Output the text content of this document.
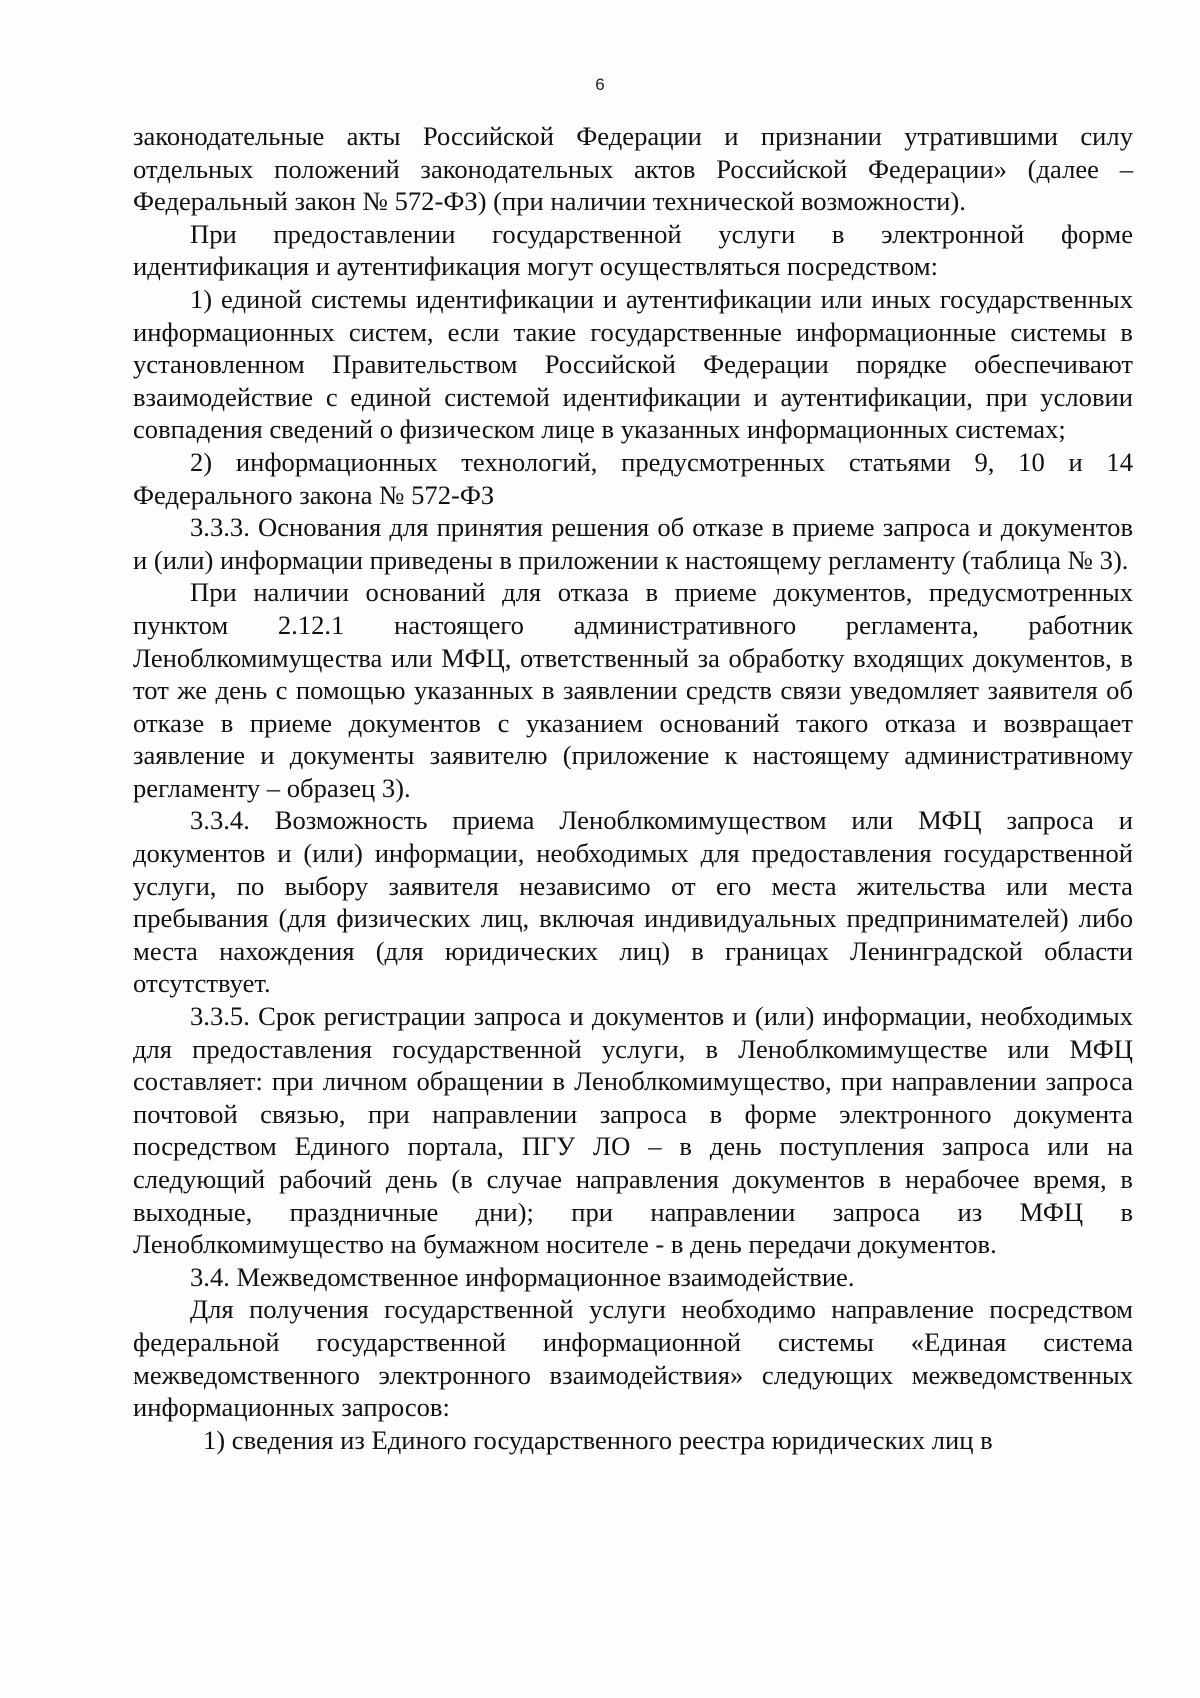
6

законодательные акты Российской Федерации и признании утратившими силу отдельных положений законодательных актов Российской Федерации» (далее – Федеральный закон № 572-ФЗ) (при наличии технической возможности).

При предоставлении государственной услуги в электронной форме идентификация и аутентификация могут осуществляться посредством:

1) единой системы идентификации и аутентификации или иных государственных информационных систем, если такие государственные информационные системы в установленном Правительством Российской Федерации порядке обеспечивают взаимодействие с единой системой идентификации и аутентификации, при условии совпадения сведений о физическом лице в указанных информационных системах;

2) информационных технологий, предусмотренных статьями 9, 10 и 14 Федерального закона № 572-ФЗ

3.3.3. Основания для принятия решения об отказе в приеме запроса и документов и (или) информации приведены в приложении к настоящему регламенту (таблица № 3).

При наличии оснований для отказа в приеме документов, предусмотренных пунктом 2.12.1 настоящего административного регламента, работник Леноблкомимущества или МФЦ, ответственный за обработку входящих документов, в тот же день с помощью указанных в заявлении средств связи уведомляет заявителя об отказе в приеме документов с указанием оснований такого отказа и возвращает заявление и документы заявителю (приложение к настоящему административному регламенту – образец 3).

3.3.4. Возможность приема Леноблкомимуществом или МФЦ запроса и документов и (или) информации, необходимых для предоставления государственной услуги, по выбору заявителя независимо от его места жительства или места пребывания (для физических лиц, включая индивидуальных предпринимателей) либо места нахождения (для юридических лиц) в границах Ленинградской области отсутствует.

3.3.5. Срок регистрации запроса и документов и (или) информации, необходимых для предоставления государственной услуги, в Леноблкомимуществе или МФЦ составляет: при личном обращении в Леноблкомимущество, при направлении запроса почтовой связью, при направлении запроса в форме электронного документа посредством Единого портала, ПГУ ЛО – в день поступления запроса или на следующий рабочий день (в случае направления документов в нерабочее время, в выходные, праздничные дни); при направлении запроса из МФЦ в Леноблкомимущество на бумажном носителе - в день передачи документов.

3.4. Межведомственное информационное взаимодействие.

Для получения государственной услуги необходимо направление посредством федеральной государственной информационной системы «Единая система межведомственного электронного взаимодействия» следующих межведомственных информационных запросов:

1) сведения из Единого государственного реестра юридических лиц в
